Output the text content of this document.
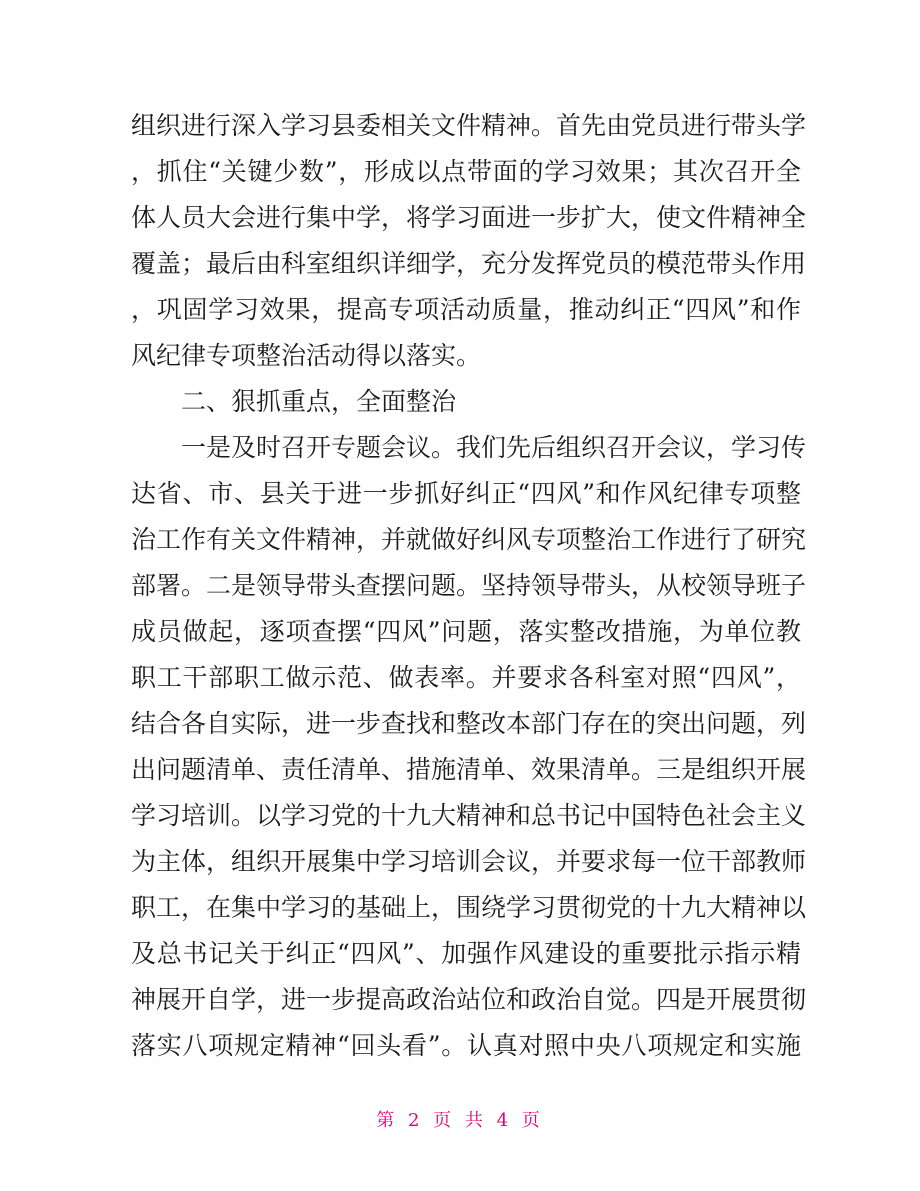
组织进行深入学习县委相关文件精神。首先由党员进行带头学
，抓住“关键少数”，形成以点带面的学习效果；其次召开全
体人员大会进行集中学，将学习面进一步扩大，使文件精神全
覆盖；最后由科室组织详细学，充分发挥党员的模范带头作用
，巩固学习效果，提高专项活动质量，推动纠正“四风”和作
风纪律专项整治活动得以落实。
二、狠抓重点，全面整治
一是及时召开专题会议。我们先后组织召开会议，学习传
达省、市、县关于进一步抓好纠正“四风”和作风纪律专项整
治工作有关文件精神，并就做好纠风专项整治工作进行了研究
部署。二是领导带头查摆问题。坚持领导带头，从校领导班子
成员做起，逐项查摆“四风”问题，落实整改措施，为单位教
职工干部职工做示范、做表率。并要求各科室对照“四风”，
结合各自实际，进一步查找和整改本部门存在的突出问题，列
出问题清单、责任清单、措施清单、效果清单。三是组织开展
学习培训。以学习党的十九大精神和总书记中国特色社会主义
为主体，组织开展集中学习培训会议，并要求每一位干部教师
职工，在集中学习的基础上，围绕学习贯彻党的十九大精神以
及总书记关于纠正“四风”、加强作风建设的重要批示指示精
神展开自学，进一步提高政治站位和政治自觉。四是开展贯彻
落实八项规定精神“回头看”。认真对照中央八项规定和实施
第 2 页 共 4 页
